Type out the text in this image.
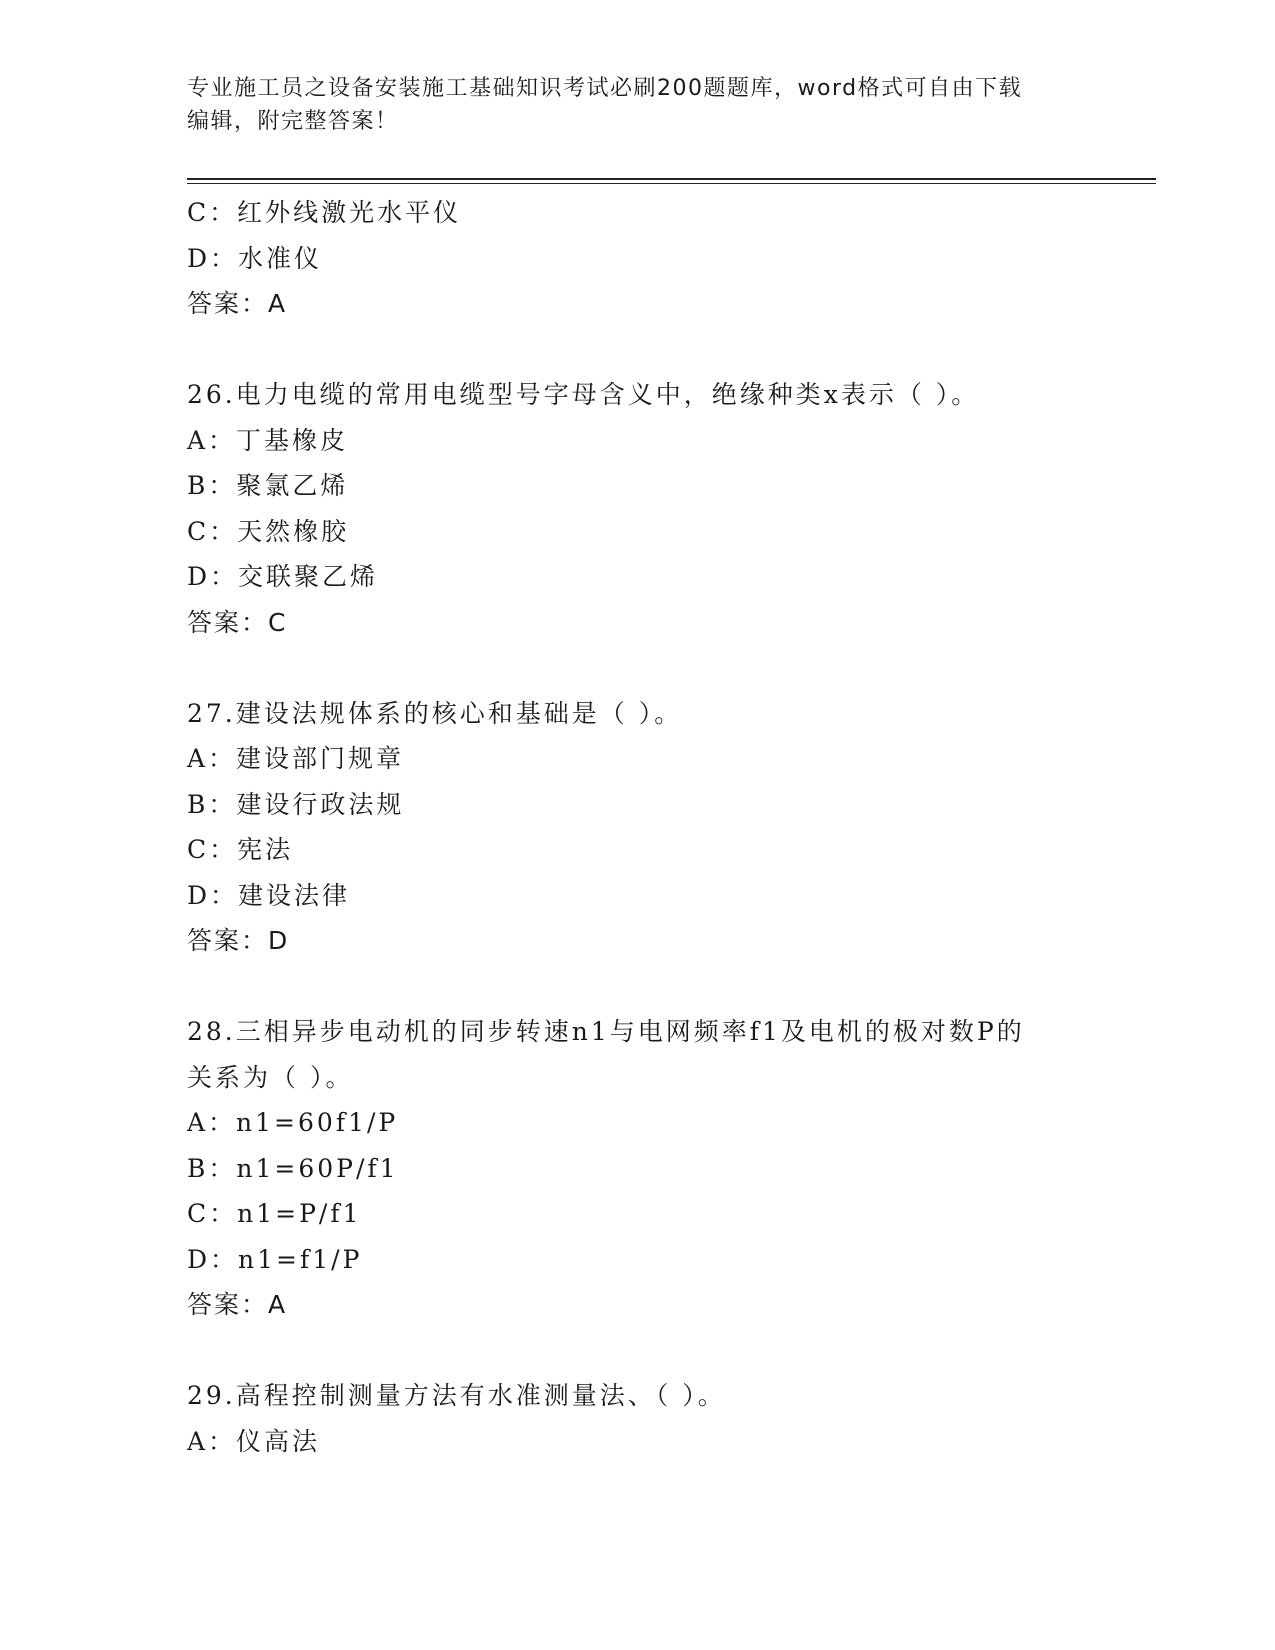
专业施工员之设备安装施工基础知识考试必刷200题题库，word格式可自由下载
编辑，附完整答案！
C：红外线激光水平仪
D：水准仪
答案：A
26.电力电缆的常用电缆型号字母含义中，绝缘种类x表示（ ）。
A：丁基橡皮
B：聚氯乙烯
C：天然橡胶
D：交联聚乙烯
答案：C
27.建设法规体系的核心和基础是（ ）。
A：建设部门规章
B：建设行政法规
C：宪法
D：建设法律
答案：D
28.三相异步电动机的同步转速n1与电网频率f1及电机的极对数P的
关系为（ ）。
A：n1=60f1/P
B：n1=60P/f1
C：n1=P/f1
D：n1=f1/P
答案：A
29.高程控制测量方法有水准测量法、（ ）。
A：仪高法
